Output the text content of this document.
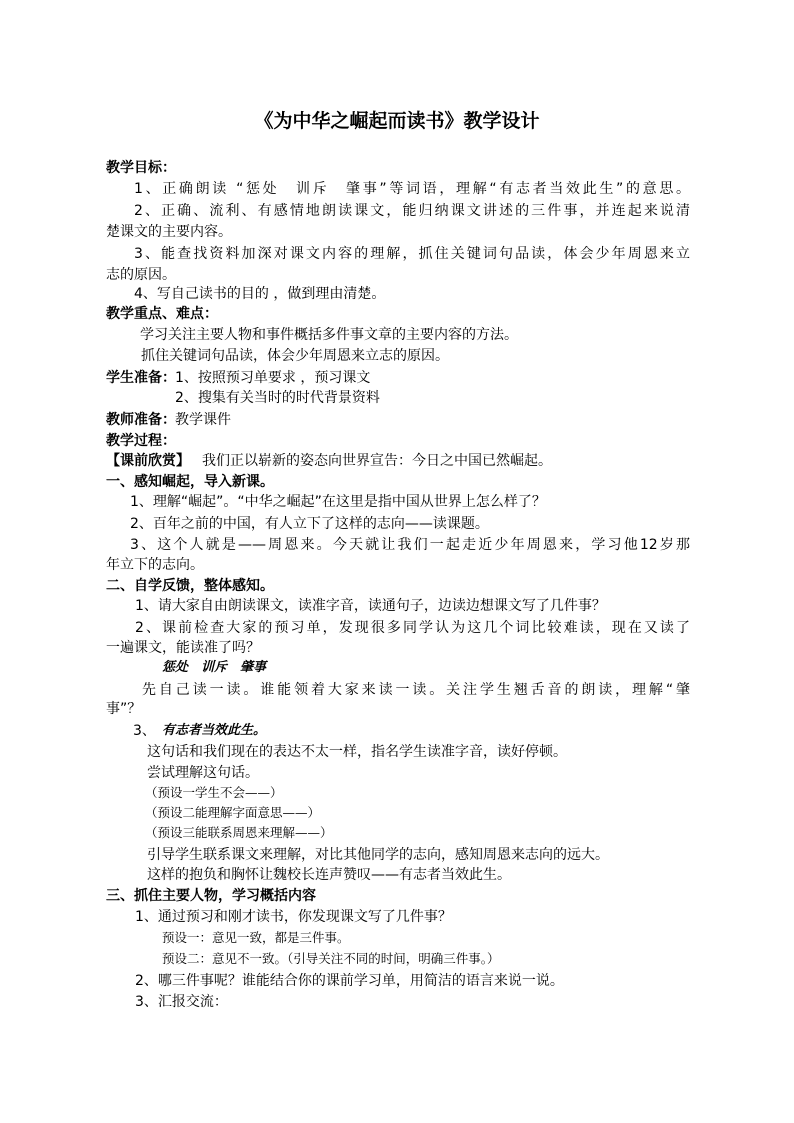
《为中华之崛起而读书》教学设计
教学目标：
1、正确朗读 “惩处　训斥　肇事”等词语，理解“有志者当效此生”的意思。
2、正确、流利、有感情地朗读课文，能归纳课文讲述的三件事，并连起来说清
楚课文的主要内容。
3、能查找资料加深对课文内容的理解，抓住关键词句品读，体会少年周恩来立
志的原因。
4、写自己读书的目的 ，做到理由清楚。
教学重点、难点：
学习关注主要人物和事件概括多件事文章的主要内容的方法。
抓住关键词句品读，体会少年周恩来立志的原因。
学生准备： 1、按照预习单要求 ，预习课文
2、搜集有关当时的时代背景资料
教师准备： 教学课件
教学过程：
【课前欣赏】 我们正以崭新的姿态向世界宣告：今日之中国已然崛起。
一、感知崛起，导入新课。
1、理解“崛起”。“中华之崛起”在这里是指中国从世界上怎么样了？
2、百年之前的中国，有人立下了这样的志向——读课题。
3、这个人就是——周恩来。今天就让我们一起走近少年周恩来，学习他12岁那
年立下的志向。
二、自学反馈，整体感知。
1、请大家自由朗读课文，读准字音，读通句子，边读边想课文写了几件事？
2、课前检查大家的预习单，发现很多同学认为这几个词比较难读，现在又读了
一遍课文，能读准了吗？
惩处　训斥　肇事
先自己读一读。谁能领着大家来读一读。关注学生翘舌音的朗读，理解“肇
事”？
3、 有志者当效此生。
这句话和我们现在的表达不太一样，指名学生读准字音，读好停顿。
尝试理解这句话。
（预设一学生不会——）
（预设二能理解字面意思——）
（预设三能联系周恩来理解——）
引导学生联系课文来理解，对比其他同学的志向，感知周恩来志向的远大。
这样的抱负和胸怀让魏校长连声赞叹——有志者当效此生。
三、抓住主要人物，学习概括内容
1、通过预习和刚才读书，你发现课文写了几件事？
预设一：意见一致，都是三件事。
预设二：意见不一致。（引导关注不同的时间，明确三件事。）
2、哪三件事呢？谁能结合你的课前学习单，用简洁的语言来说一说。
3、汇报交流：
